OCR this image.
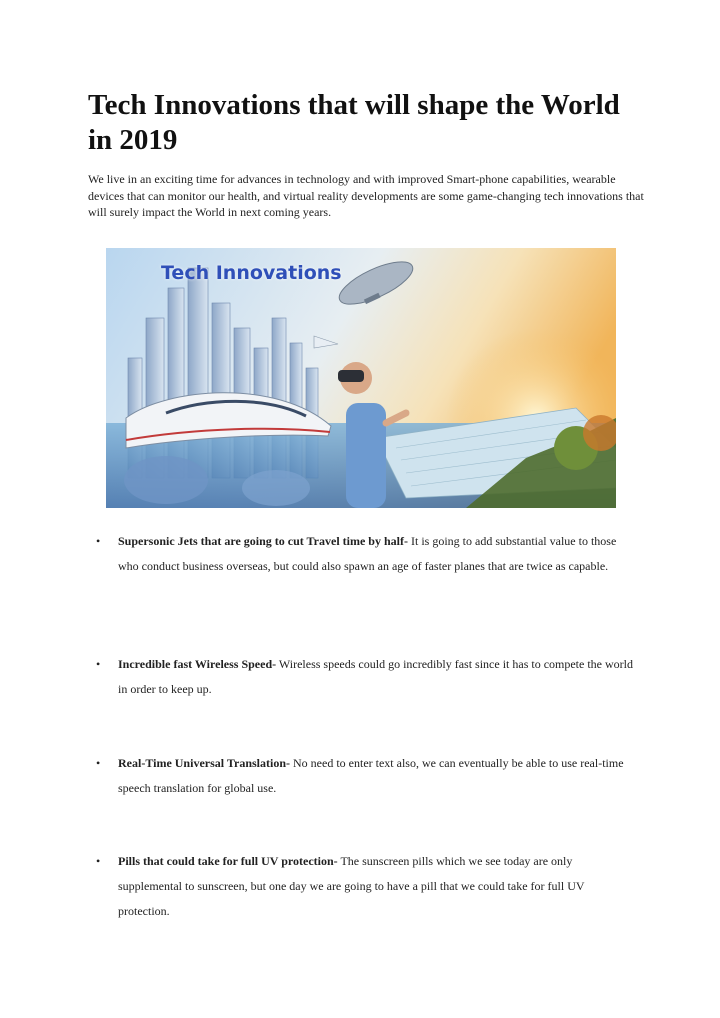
Tech Innovations that will shape the World in 2019

We live in an exciting time for advances in technology and with improved Smart-phone capabilities, wearable devices that can monitor our health, and virtual reality developments are some game-changing tech innovations that will surely impact the World in next coming years.

Tech Innovations
• Supersonic Jets that are going to cut Travel time by half- It is going to add substantial value to those who conduct business overseas, but could also spawn an age of faster planes that are twice as capable.
• Incredible fast Wireless Speed- Wireless speeds could go incredibly fast since it has to compete the world in order to keep up.
• Real-Time Universal Translation- No need to enter text also, we can eventually be able to use real-time speech translation for global use.
• Pills that could take for full UV protection- The sunscreen pills which we see today are only supplemental to sunscreen, but one day we are going to have a pill that we could take for full UV protection.
